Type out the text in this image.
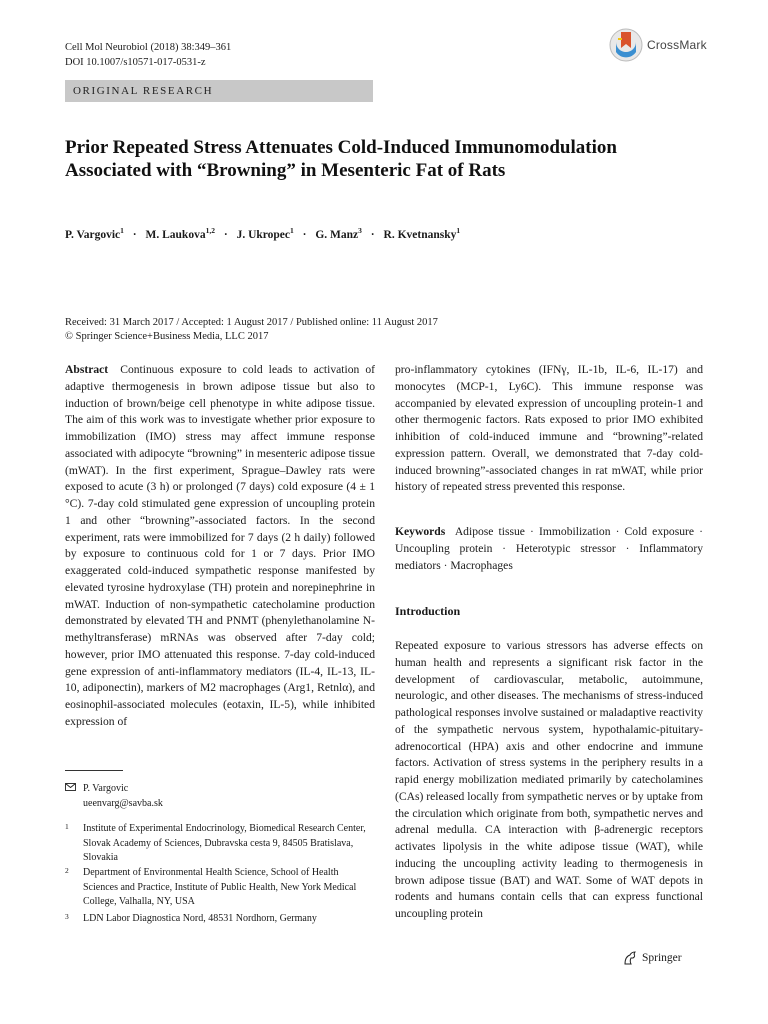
Cell Mol Neurobiol (2018) 38:349–361
DOI 10.1007/s10571-017-0531-z
CrossMark
ORIGINAL RESEARCH
Prior Repeated Stress Attenuates Cold-Induced Immunomodulation Associated with “Browning” in Mesenteric Fat of Rats
P. Vargovic$^1$ · M. Laukova$^{1,2}$ · J. Ukropec$^1$ · G. Manz$^3$ · R. Kvetnansky$^1$
Received: 31 March 2017 / Accepted: 1 August 2017 / Published online: 11 August 2017
© Springer Science+Business Media, LLC 2017

Abstract Continuous exposure to cold leads to activation of adaptive thermogenesis in brown adipose tissue but also to induction of brown/beige cell phenotype in white adipose tissue. The aim of this work was to investigate whether prior exposure to immobilization (IMO) stress may affect immune response associated with adipocyte “browning” in mesenteric adipose tissue (mWAT). In the first experiment, Sprague–Dawley rats were exposed to acute (3 h) or prolonged (7 days) cold exposure (4 ± 1 °C). 7-day cold stimulated gene expression of uncoupling protein 1 and other “browning”-associated factors. In the second experiment, rats were immobilized for 7 days (2 h daily) followed by exposure to continuous cold for 1 or 7 days. Prior IMO exaggerated cold-induced sympathetic response manifested by elevated tyrosine hydroxylase (TH) protein and norepinephrine in mWAT. Induction of non-sympathetic catecholamine production demonstrated by elevated TH and PNMT (phenylethanolamine N-methyltransferase) mRNAs was observed after 7-day cold; however, prior IMO attenuated this response. 7-day cold-induced gene expression of anti-inflammatory mediators (IL-4, IL-13, IL-10, adiponectin), markers of M2 macrophages (Arg1, Retnlα), and eosinophil-associated molecules (eotaxin, IL-5), while inhibited expression of

pro-inflammatory cytokines (IFNγ, IL-1b, IL-6, IL-17) and monocytes (MCP-1, Ly6C). This immune response was accompanied by elevated expression of uncoupling protein-1 and other thermogenic factors. Rats exposed to prior IMO exhibited inhibition of cold-induced immune and “browning”-related expression pattern. Overall, we demonstrated that 7-day cold-induced browning”-associated changes in rat mWAT, while prior history of repeated stress prevented this response.

Keywords Adipose tissue · Immobilization · Cold exposure · Uncoupling protein · Heterotypic stressor · Inflammatory mediators · Macrophages

Introduction

Repeated exposure to various stressors has adverse effects on human health and represents a significant risk factor in the development of cardiovascular, metabolic, autoimmune, neurologic, and other diseases. The mechanisms of stress-induced pathological responses involve sustained or maladaptive reactivity of the sympathetic nervous system, hypothalamic-pituitary-adrenocortical (HPA) axis and other endocrine and immune factors. Activation of stress systems in the periphery results in a rapid energy mobilization mediated primarily by catecholamines (CAs) released locally from sympathetic nerves or by uptake from the circulation which originate from both, sympathetic nerves and adrenal medulla. CA interaction with β-adrenergic receptors activates lipolysis in the white adipose tissue (WAT), while inducing the uncoupling activity leading to thermogenesis in brown adipose tissue (BAT) and WAT. Some of WAT depots in rodents and humans contain cells that can express functional uncoupling protein

P. Vargovic
ueenvarg@savba.sk
1 Institute of Experimental Endocrinology, Biomedical Research Center, Slovak Academy of Sciences, Dubravska cesta 9, 84505 Bratislava, Slovakia
2 Department of Environmental Health Science, School of Health Sciences and Practice, Institute of Public Health, New York Medical College, Valhalla, NY, USA
3 LDN Labor Diagnostica Nord, 48531 Nordhorn, Germany
Springer
